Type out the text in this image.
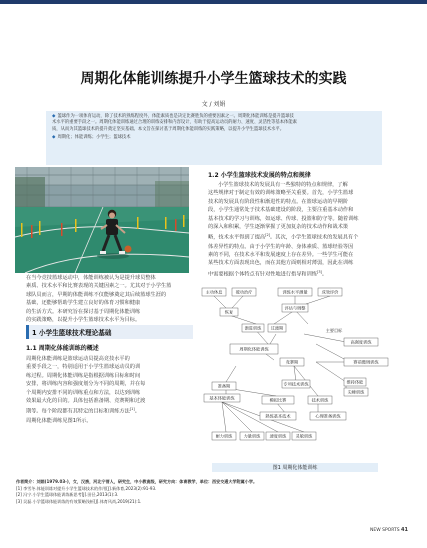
周期化体能训练提升小学生篮球技术的实践
文 / 刘娟

◆ 篮球作为一项体育运动，除了技术的熟练程度外，体能素质也是决定比赛胜负的重要因素之一。周期化体能训练是提升篮球技

术水平的重要手段之一。周期化体能训练通过合理的训练安排和内容设计，有助于提高运动员的耐力、速度、灵活性等基本体能素

质，从而为其篮球技术的提升奠定坚实基础。本文旨在探讨基于周期化体能训练的实践策略，以提升小学生篮球技术水平。

◆ 周期化；体能训练；小学生；篮球技术

在当今竞技篮球运动中，体能训练被认为是提升球员整体
素质、技术水平和比赛表现的关键因素之一。尤其对于小学生篮
球队员而言，早期的体能训练不仅能够奠定其后续篮球生涯的
基础，还能够帮助学生建立良好的体育习惯和健康
的生活方式。本研究旨在探讨基于周期化体能训练
的实践策略，以提升小学生篮球技术水平为目标。
1 小学生篮球技术理论基础
1.1 周期化体能训练的概述
周期化体能训练是篮球运动员提高竞技水平的
重要手段之一，特别适用于小学生篮球运动员的训
练过程。周期化体能训练是指根据训练目标和时间
安排，将训练内容和强度划分为不同的周期，并在每
个周期内安排不同的训练重点和方法，以达到训练
效果最大化的目的。具体包括准备期、竞赛期和过渡
期等。每个阶段都有其特定的目标和训练方法[1]。
周期化体能训练见图1所示。
1.2 小学生篮球技术发展的特点和规律
小学生篮球技术的发展具有一些独特的特点和规律，了解
这些规律对于制定有效的训练策略至关重要。首先，小学生篮球
技术的发展具有阶段性和渐进性的特点。在篮球运动的早期阶
段，小学生通常处于技术基础建设的阶段，主要注重基本动作和
基本技术的学习与训练，如运球、传球、投篮和防守等。随着训练
的深入和积累，学生逐渐掌握了更加复杂的技术动作和战术策
略，技术水平得到了提高[2]。其次，小学生篮球技术的发展具有个
体差异性的特点。由于小学生的年龄、身体素质、篮球经验等因
素的不同，在技术水平和发展速度上存在差异。一些学生可能在
某些技术方面表现出色，而在其他方面则相对薄弱，因此在训练
中需要根据个体特点有针对性地进行指导和训练[3]。
主动休息	被动治疗	训练水平测量	成效评价
恢复
评估与调整
渐进训练 过渡期
高强度训练
周期化体能训练
竞赛期	赛前微调训练
维持体能
尖峰训练
准备期	专项技术训练
模拟比赛	技术训练
基本体能训练
熟练基本技术	心理准备训练
耐力训练	力量训练 速度训练 灵敏训练
主要目标
图1 周期化体能训练
作者简介：刘娟(1979.03-)，女，汉族，河北宁晋人，研究生，中小教高级，研究方向：体育教学，单位：西安交通大学附属小学。
[1] 李雪冬.体能训练对提升小学生篮球技术的作用[J].新体育,2023(2):91-93.
[2] 冯宁.小学生篮球体能训练新思考[J].田径,2013(1):3.
[3] 吴磊.小学篮球体能训练的有效策略浅析[J].体育风尚,2019(21):1.
NEW SPORTS 41
